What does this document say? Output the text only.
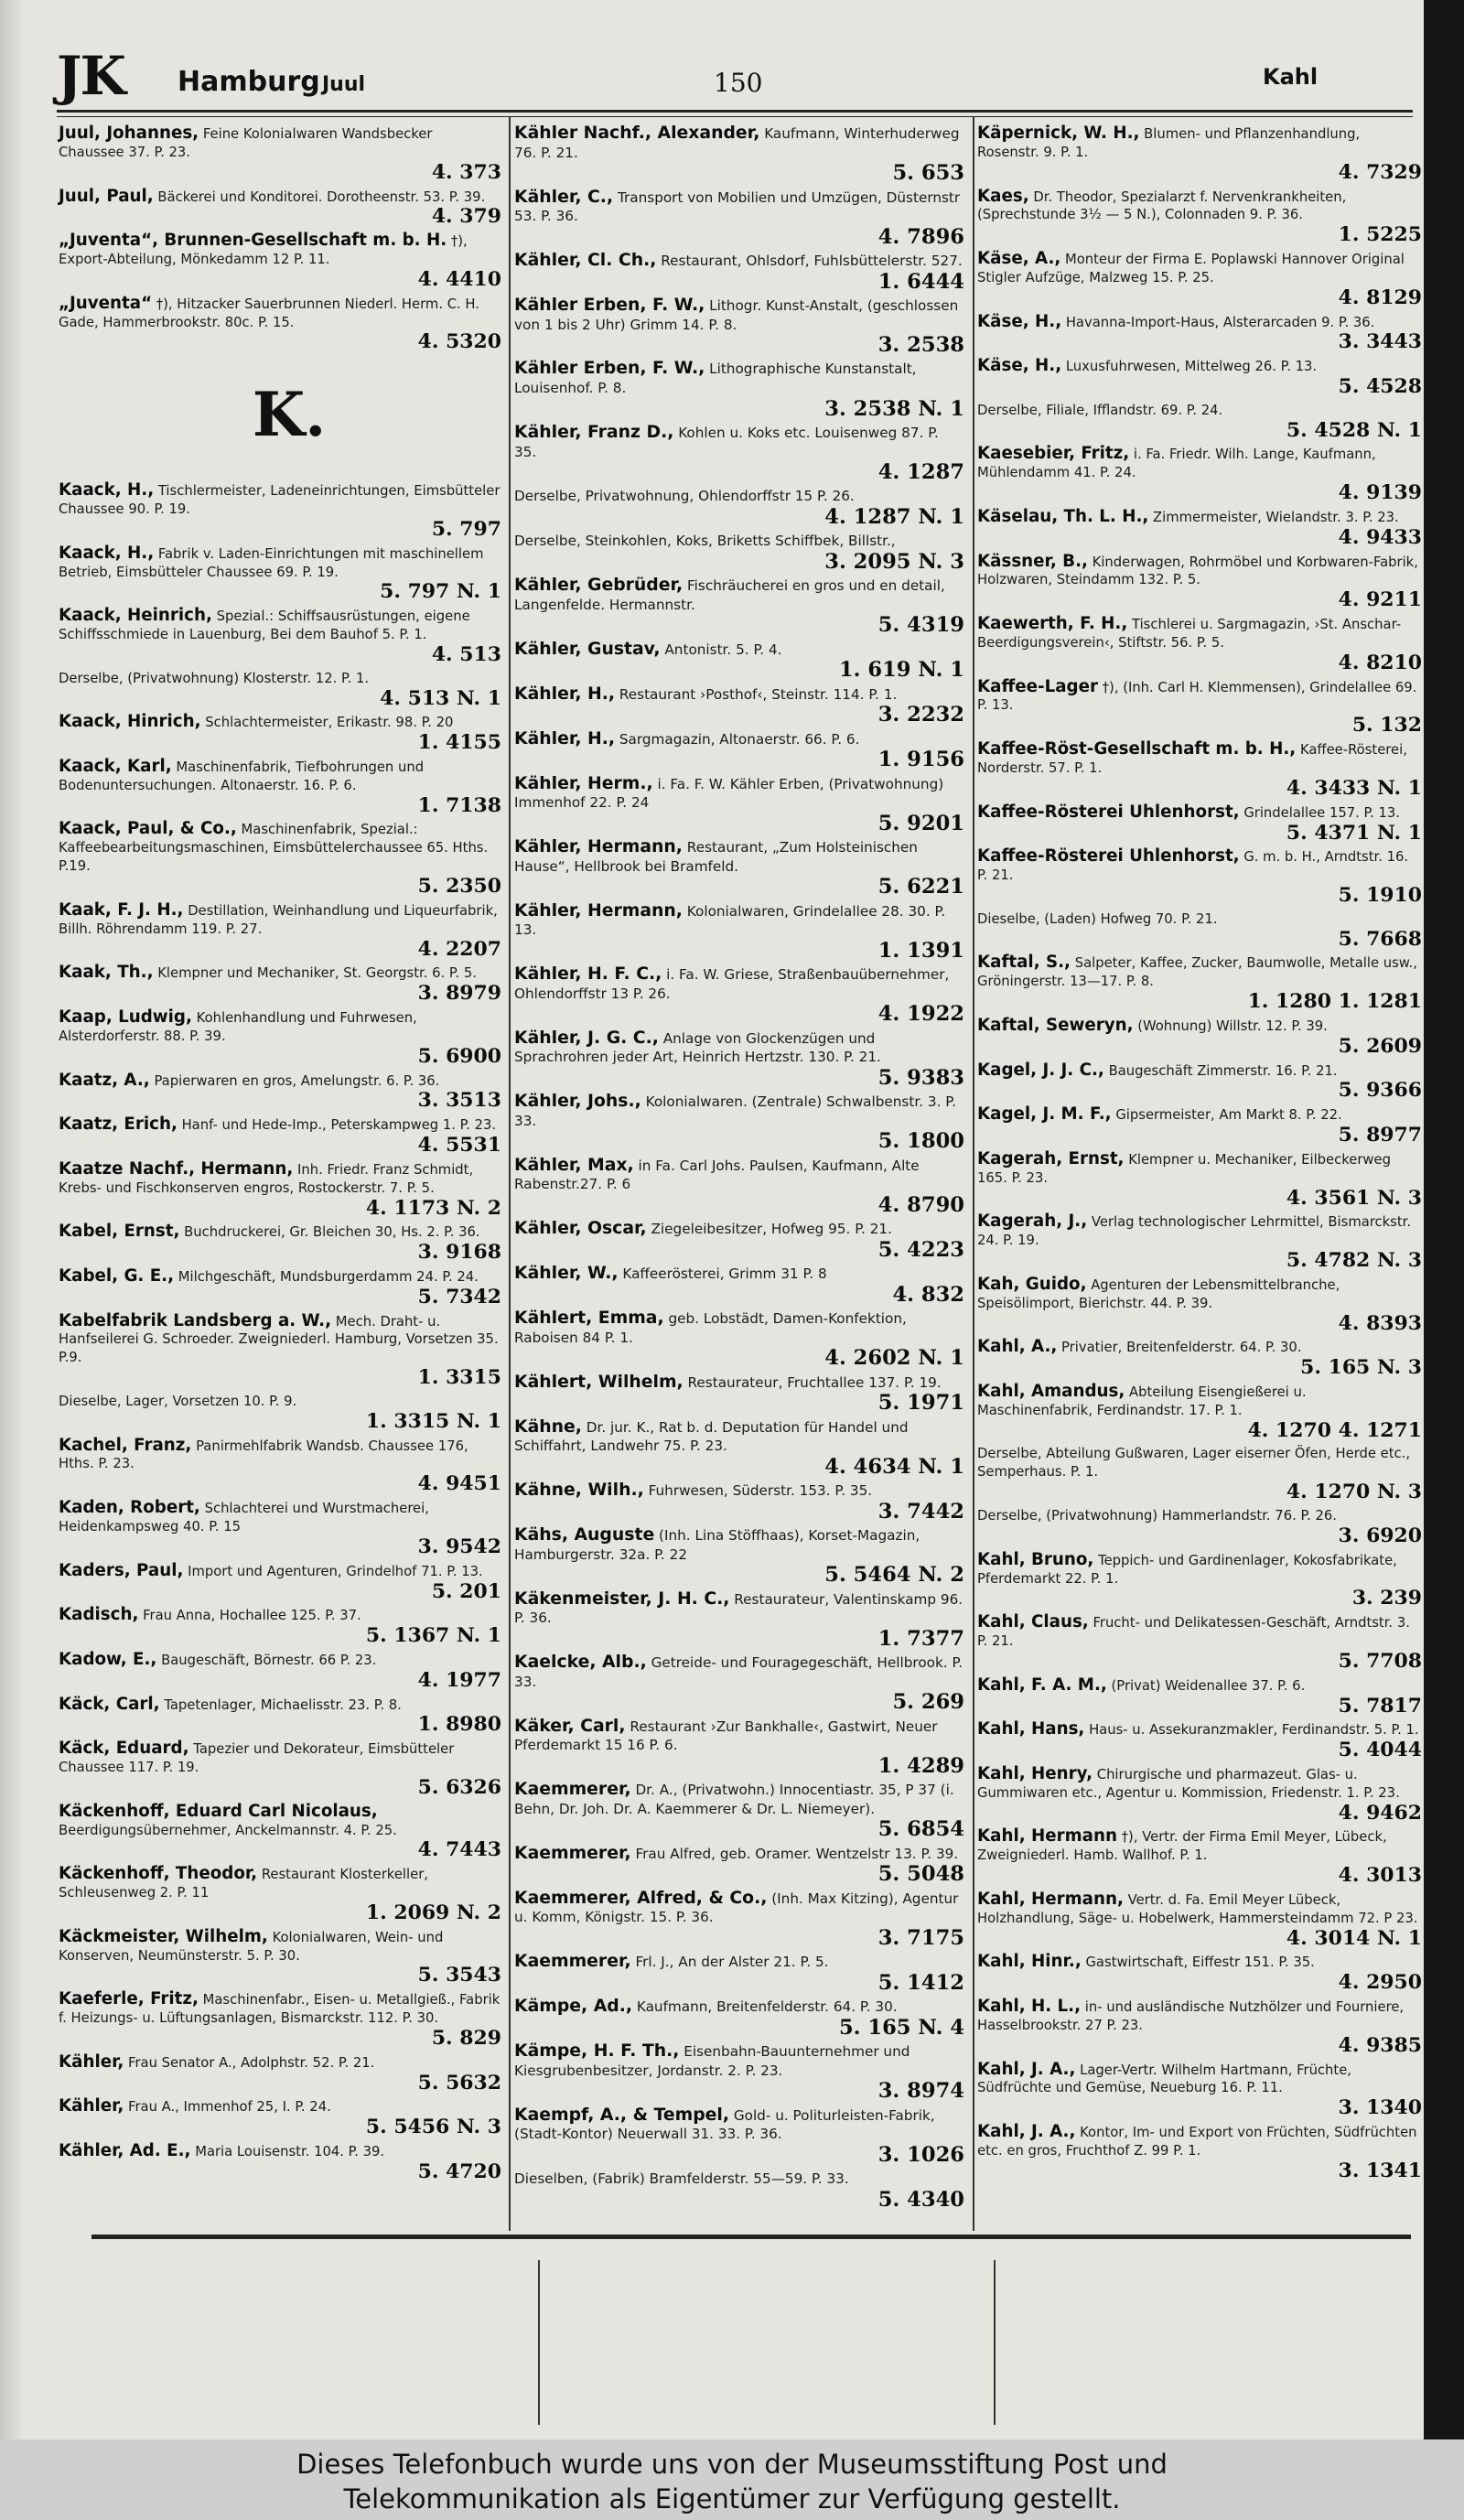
JK Hamburg Juul	150	Kahl
Juul, Johannes, Feine Kolonialwaren Wandsbecker Chaussee 37. P. 23.
4. 373
Juul, Paul, Bäckerei und Konditorei. Dorotheenstr. 53. P. 39.
4. 379
„Juventa“, Brunnen-Gesellschaft m. b. H. †), Export-Abteilung, Mönkedamm 12 P. 11.
4. 4410
„Juventa“ †), Hitzacker Sauerbrunnen Niederl. Herm. C. H. Gade, Hammerbrookstr. 80c. P. 15.
4. 5320
K.
Kaack, H., Tischlermeister, Ladeneinrichtungen, Eimsbütteler Chaussee 90. P. 19.
5. 797
Kaack, H., Fabrik v. Laden-Einrichtungen mit maschinellem Betrieb, Eimsbütteler Chaussee 69. P. 19.
5. 797 N. 1
Kaack, Heinrich, Spezial.: Schiffsausrüstungen, eigene Schiffsschmiede in Lauenburg, Bei dem Bauhof 5. P. 1.
4. 513
Derselbe, (Privatwohnung) Klosterstr. 12. P. 1.
4. 513 N. 1
Kaack, Hinrich, Schlachtermeister, Erikastr. 98. P. 20
1. 4155
Kaack, Karl, Maschinenfabrik, Tiefbohrungen und Bodenuntersuchungen. Altonaerstr. 16. P. 6.
1. 7138
Kaack, Paul, & Co., Maschinenfabrik, Spezial.: Kaffeebearbeitungsmaschinen, Eimsbüttelerchaussee 65. Hths. P.19.
5. 2350
Kaak, F. J. H., Destillation, Weinhandlung und Liqueurfabrik, Billh. Röhrendamm 119. P. 27.
4. 2207
Kaak, Th., Klempner und Mechaniker, St. Georgstr. 6. P. 5.
3. 8979
Kaap, Ludwig, Kohlenhandlung und Fuhrwesen, Alsterdorferstr. 88. P. 39.
5. 6900
Kaatz, A., Papierwaren en gros, Amelungstr. 6. P. 36.
3. 3513
Kaatz, Erich, Hanf- und Hede-Imp., Peterskampweg 1. P. 23.
4. 5531
Kaatze Nachf., Hermann, Inh. Friedr. Franz Schmidt, Krebs- und Fischkonserven engros, Rostockerstr. 7. P. 5.
4. 1173 N. 2
Kabel, Ernst, Buchdruckerei, Gr. Bleichen 30, Hs. 2. P. 36.
3. 9168
Kabel, G. E., Milchgeschäft, Mundsburgerdamm 24. P. 24.
5. 7342
Kabelfabrik Landsberg a. W., Mech. Draht- u. Hanfseilerei G. Schroeder. Zweigniederl. Hamburg, Vorsetzen 35. P.9.
1. 3315
Dieselbe, Lager, Vorsetzen 10. P. 9.
1. 3315 N. 1
Kachel, Franz, Panirmehlfabrik Wandsb. Chaussee 176, Hths. P. 23.
4. 9451
Kaden, Robert, Schlachterei und Wurstmacherei, Heidenkampsweg 40. P. 15
3. 9542
Kaders, Paul, Import und Agenturen, Grindelhof 71. P. 13.
5. 201
Kadisch, Frau Anna, Hochallee 125. P. 37.
5. 1367 N. 1
Kadow, E., Baugeschäft, Börnestr. 66 P. 23.
4. 1977
Käck, Carl, Tapetenlager, Michaelisstr. 23. P. 8.
1. 8980
Käck, Eduard, Tapezier und Dekorateur, Eimsbütteler Chaussee 117. P. 19.
5. 6326
Käckenhoff, Eduard Carl Nicolaus, Beerdigungsübernehmer, Anckelmannstr. 4. P. 25.
4. 7443
Käckenhoff, Theodor, Restaurant Klosterkeller, Schleusenweg 2. P. 11
1. 2069 N. 2
Käckmeister, Wilhelm, Kolonialwaren, Wein- und Konserven, Neumünsterstr. 5. P. 30.
5. 3543
Kaeferle, Fritz, Maschinenfabr., Eisen- u. Metallgieß., Fabrik f. Heizungs- u. Lüftungsanlagen, Bismarckstr. 112. P. 30.
5. 829
Kähler, Frau Senator A., Adolphstr. 52. P. 21.
5. 5632
Kähler, Frau A., Immenhof 25, I. P. 24.
5. 5456 N. 3
Kähler, Ad. E., Maria Louisenstr. 104. P. 39.
5. 4720
Kähler Nachf., Alexander, Kaufmann, Winterhuderweg 76. P. 21.
5. 653
Kähler, C., Transport von Mobilien und Umzügen, Düsternstr 53. P. 36.
4. 7896
Kähler, Cl. Ch., Restaurant, Ohlsdorf, Fuhlsbüttelerstr. 527.
1. 6444
Kähler Erben, F. W., Lithogr. Kunst-Anstalt, (geschlossen von 1 bis 2 Uhr) Grimm 14. P. 8.
3. 2538
Kähler Erben, F. W., Lithographische Kunstanstalt, Louisenhof. P. 8.
3. 2538 N. 1
Kähler, Franz D., Kohlen u. Koks etc. Louisenweg 87. P. 35.
4. 1287
Derselbe, Privatwohnung, Ohlendorffstr 15 P. 26.
4. 1287 N. 1
Derselbe, Steinkohlen, Koks, Briketts Schiffbek, Billstr.,
3. 2095 N. 3
Kähler, Gebrüder, Fischräucherei en gros und en detail, Langenfelde. Hermannstr.
5. 4319
Kähler, Gustav, Antonistr. 5. P. 4.
1. 619 N. 1
Kähler, H., Restaurant ›Posthof‹, Steinstr. 114. P. 1.
3. 2232
Kähler, H., Sargmagazin, Altonaerstr. 66. P. 6.
1. 9156
Kähler, Herm., i. Fa. F. W. Kähler Erben, (Privatwohnung) Immenhof 22. P. 24
5. 9201
Kähler, Hermann, Restaurant, „Zum Holsteinischen Hause“, Hellbrook bei Bramfeld.
5. 6221
Kähler, Hermann, Kolonialwaren, Grindelallee 28. 30. P. 13.
1. 1391
Kähler, H. F. C., i. Fa. W. Griese, Straßenbauübernehmer, Ohlendorffstr 13 P. 26.
4. 1922
Kähler, J. G. C., Anlage von Glockenzügen und Sprachrohren jeder Art, Heinrich Hertzstr. 130. P. 21.
5. 9383
Kähler, Johs., Kolonialwaren. (Zentrale) Schwalbenstr. 3. P. 33.
5. 1800
Kähler, Max, in Fa. Carl Johs. Paulsen, Kaufmann, Alte Rabenstr.27. P. 6
4. 8790
Kähler, Oscar, Ziegeleibesitzer, Hofweg 95. P. 21.
5. 4223
Kähler, W., Kaffeerösterei, Grimm 31 P. 8
4. 832
Kählert, Emma, geb. Lobstädt, Damen-Konfektion, Raboisen 84 P. 1.
4. 2602 N. 1
Kählert, Wilhelm, Restaurateur, Fruchtallee 137. P. 19.
5. 1971
Kähne, Dr. jur. K., Rat b. d. Deputation für Handel und Schiffahrt, Landwehr 75. P. 23.
4. 4634 N. 1
Kähne, Wilh., Fuhrwesen, Süderstr. 153. P. 35.
3. 7442
Kähs, Auguste (Inh. Lina Stöffhaas), Korset-Magazin, Hamburgerstr. 32a. P. 22
5. 5464 N. 2
Käkenmeister, J. H. C., Restaurateur, Valentinskamp 96. P. 36.
1. 7377
Kaelcke, Alb., Getreide- und Fouragegeschäft, Hellbrook. P. 33.
5. 269
Käker, Carl, Restaurant ›Zur Bankhalle‹, Gastwirt, Neuer Pferdemarkt 15 16 P. 6.
1. 4289
Kaemmerer, Dr. A., (Privatwohn.) Innocentiastr. 35, P 37 (i. Behn, Dr. Joh. Dr. A. Kaemmerer & Dr. L. Niemeyer).
5. 6854
Kaemmerer, Frau Alfred, geb. Oramer. Wentzelstr 13. P. 39.
5. 5048
Kaemmerer, Alfred, & Co., (Inh. Max Kitzing), Agentur u. Komm, Königstr. 15. P. 36.
3. 7175
Kaemmerer, Frl. J., An der Alster 21. P. 5.
5. 1412
Kämpe, Ad., Kaufmann, Breitenfelderstr. 64. P. 30.
5. 165 N. 4
Kämpe, H. F. Th., Eisenbahn-Bauunternehmer und Kiesgrubenbesitzer, Jordanstr. 2. P. 23.
3. 8974
Kaempf, A., & Tempel, Gold- u. Politurleisten-Fabrik, (Stadt-Kontor) Neuerwall 31. 33. P. 36.
3. 1026
Dieselben, (Fabrik) Bramfelderstr. 55—59. P. 33.
5. 4340
Käpernick, W. H., Blumen- und Pflanzenhandlung, Rosenstr. 9. P. 1.
4. 7329
Kaes, Dr. Theodor, Spezialarzt f. Nervenkrankheiten, (Sprechstunde 3½ — 5 N.), Colonnaden 9. P. 36.
1. 5225
Käse, A., Monteur der Firma E. Poplawski Hannover Original Stigler Aufzüge, Malzweg 15. P. 25.
4. 8129
Käse, H., Havanna-Import-Haus, Alsterarcaden 9. P. 36.
3. 3443
Käse, H., Luxusfuhrwesen, Mittelweg 26. P. 13.
5. 4528
Derselbe, Filiale, Ifflandstr. 69. P. 24.
5. 4528 N. 1
Kaesebier, Fritz, i. Fa. Friedr. Wilh. Lange, Kaufmann, Mühlendamm 41. P. 24.
4. 9139
Käselau, Th. L. H., Zimmermeister, Wielandstr. 3. P. 23.
4. 9433
Kässner, B., Kinderwagen, Rohrmöbel und Korbwaren-Fabrik, Holzwaren, Steindamm 132. P. 5.
4. 9211
Kaewerth, F. H., Tischlerei u. Sargmagazin, ›St. Anschar-Beerdigungsverein‹, Stiftstr. 56. P. 5.
4. 8210
Kaffee-Lager †), (Inh. Carl H. Klemmensen), Grindelallee 69. P. 13.
5. 132
Kaffee-Röst-Gesellschaft m. b. H., Kaffee-Rösterei, Norderstr. 57. P. 1.
4. 3433 N. 1
Kaffee-Rösterei Uhlenhorst, Grindelallee 157. P. 13.
5. 4371 N. 1
Kaffee-Rösterei Uhlenhorst, G. m. b. H., Arndtstr. 16. P. 21.
5. 1910
Dieselbe, (Laden) Hofweg 70. P. 21.
5. 7668
Kaftal, S., Salpeter, Kaffee, Zucker, Baumwolle, Metalle usw., Gröningerstr. 13—17. P. 8.
1. 1280 1. 1281
Kaftal, Seweryn, (Wohnung) Willstr. 12. P. 39.
5. 2609
Kagel, J. J. C., Baugeschäft Zimmerstr. 16. P. 21.
5. 9366
Kagel, J. M. F., Gipsermeister, Am Markt 8. P. 22.
5. 8977
Kagerah, Ernst, Klempner u. Mechaniker, Eilbeckerweg 165. P. 23.
4. 3561 N. 3
Kagerah, J., Verlag technologischer Lehrmittel, Bismarckstr. 24. P. 19.
5. 4782 N. 3
Kah, Guido, Agenturen der Lebensmittelbranche, Speisölimport, Bierichstr. 44. P. 39.
4. 8393
Kahl, A., Privatier, Breitenfelderstr. 64. P. 30.
5. 165 N. 3
Kahl, Amandus, Abteilung Eisengießerei u. Maschinenfabrik, Ferdinandstr. 17. P. 1.
4. 1270 4. 1271
Derselbe, Abteilung Gußwaren, Lager eiserner Öfen, Herde etc., Semperhaus. P. 1.
4. 1270 N. 3
Derselbe, (Privatwohnung) Hammerlandstr. 76. P. 26.
3. 6920
Kahl, Bruno, Teppich- und Gardinenlager, Kokosfabrikate, Pferdemarkt 22. P. 1.
3. 239
Kahl, Claus, Frucht- und Delikatessen-Geschäft, Arndtstr. 3. P. 21.
5. 7708
Kahl, F. A. M., (Privat) Weidenallee 37. P. 6.
5. 7817
Kahl, Hans, Haus- u. Assekuranzmakler, Ferdinandstr. 5. P. 1.
5. 4044
Kahl, Henry, Chirurgische und pharmazeut. Glas- u. Gummiwaren etc., Agentur u. Kommission, Friedenstr. 1. P. 23.
4. 9462
Kahl, Hermann †), Vertr. der Firma Emil Meyer, Lübeck, Zweigniederl. Hamb. Wallhof. P. 1.
4. 3013
Kahl, Hermann, Vertr. d. Fa. Emil Meyer Lübeck, Holzhandlung, Säge- u. Hobelwerk, Hammersteindamm 72. P 23.
4. 3014 N. 1
Kahl, Hinr., Gastwirtschaft, Eiffestr 151. P. 35.
4. 2950
Kahl, H. L., in- und ausländische Nutzhölzer und Fourniere, Hasselbrookstr. 27 P. 23.
4. 9385
Kahl, J. A., Lager-Vertr. Wilhelm Hartmann, Früchte, Südfrüchte und Gemüse, Neueburg 16. P. 11.
3. 1340
Kahl, J. A., Kontor, Im- und Export von Früchten, Südfrüchten etc. en gros, Fruchthof Z. 99 P. 1.
3. 1341
Dieses Telefonbuch wurde uns von der Museumsstiftung Post und
Telekommunikation als Eigentümer zur Verfügung gestellt.
